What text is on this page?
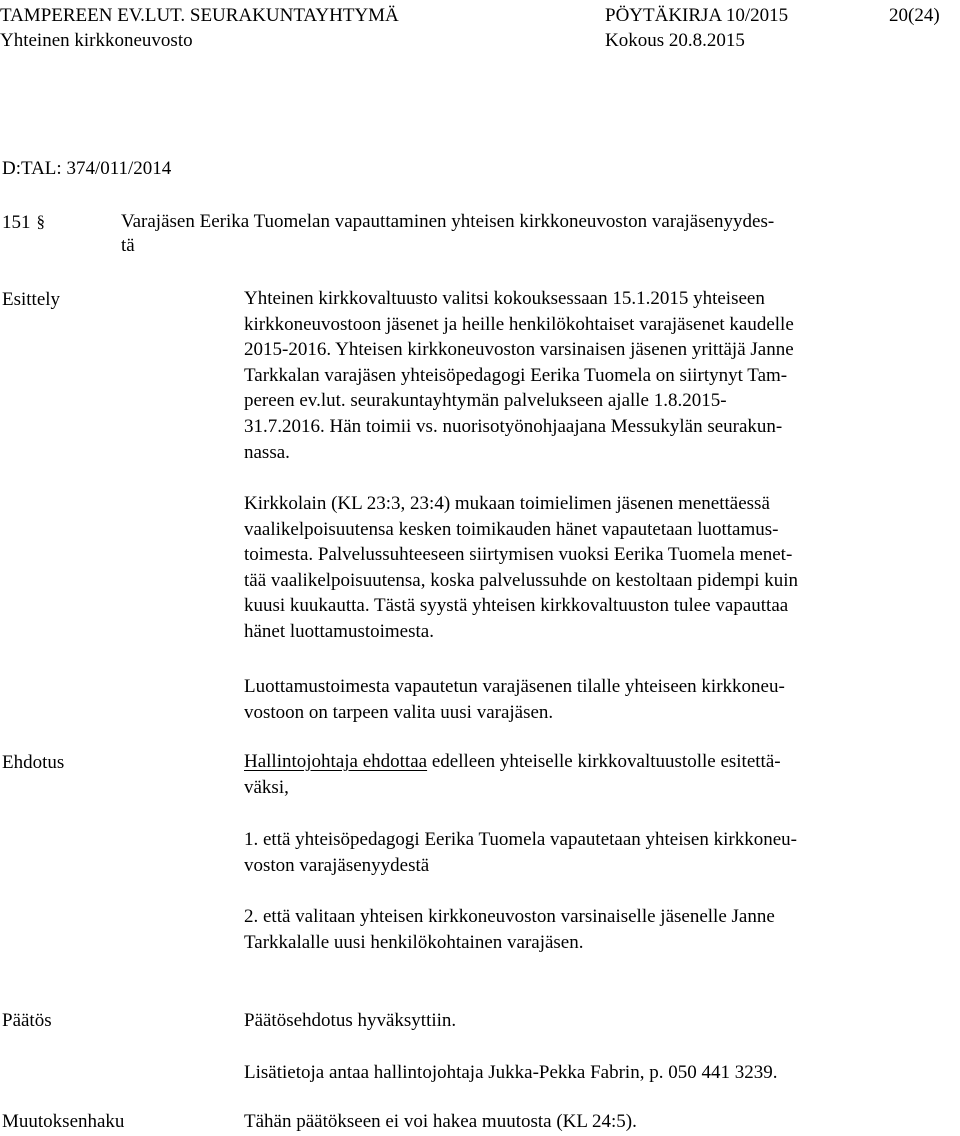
TAMPEREEN EV.LUT. SEURAKUNTAYHTYMÄ	PÖYTÄKIRJA 10/2015	20(24)
Yhteinen kirkkoneuvosto	Kokous 20.8.2015
D:TAL: 374/011/2014
151 §	Varajäsen Eerika Tuomelan vapauttaminen yhteisen kirkkoneuvoston varajäsenyydes-
tä
Esittely	Yhteinen kirkkovaltuusto valitsi kokouksessaan 15.1.2015 yhteiseen
kirkkoneuvostoon jäsenet ja heille henkilökohtaiset varajäsenet kaudelle
2015-2016. Yhteisen kirkkoneuvoston varsinaisen jäsenen yrittäjä Janne
Tarkkalan varajäsen yhteisöpedagogi Eerika Tuomela on siirtynyt Tam-
pereen ev.lut. seurakuntayhtymän palvelukseen ajalle 1.8.2015-
31.7.2016. Hän toimii vs. nuorisotyönohjaajana Messukylän seurakun-
nassa.
Kirkkolain (KL 23:3, 23:4) mukaan toimielimen jäsenen menettäessä
vaalikelpoisuutensa kesken toimikauden hänet vapautetaan luottamus-
toimesta. Palvelussuhteeseen siirtymisen vuoksi Eerika Tuomela menet-
tää vaalikelpoisuutensa, koska palvelussuhde on kestoltaan pidempi kuin
kuusi kuukautta. Tästä syystä yhteisen kirkkovaltuuston tulee vapauttaa
hänet luottamustoimesta.
Luottamustoimesta vapautetun varajäsenen tilalle yhteiseen kirkkoneu-
vostoon on tarpeen valita uusi varajäsen.
Ehdotus	Hallintojohtaja ehdottaa edelleen yhteiselle kirkkovaltuustolle esitettä-
väksi,
1. että yhteisöpedagogi Eerika Tuomela vapautetaan yhteisen kirkkoneu-
voston varajäsenyydestä
2. että valitaan yhteisen kirkkoneuvoston varsinaiselle jäsenelle Janne
Tarkkalalle uusi henkilökohtainen varajäsen.
Päätös	Päätösehdotus hyväksyttiin.
Lisätietoja antaa hallintojohtaja Jukka-Pekka Fabrin, p. 050 441 3239.
Muutoksenhaku	Tähän päätökseen ei voi hakea muutosta (KL 24:5).
